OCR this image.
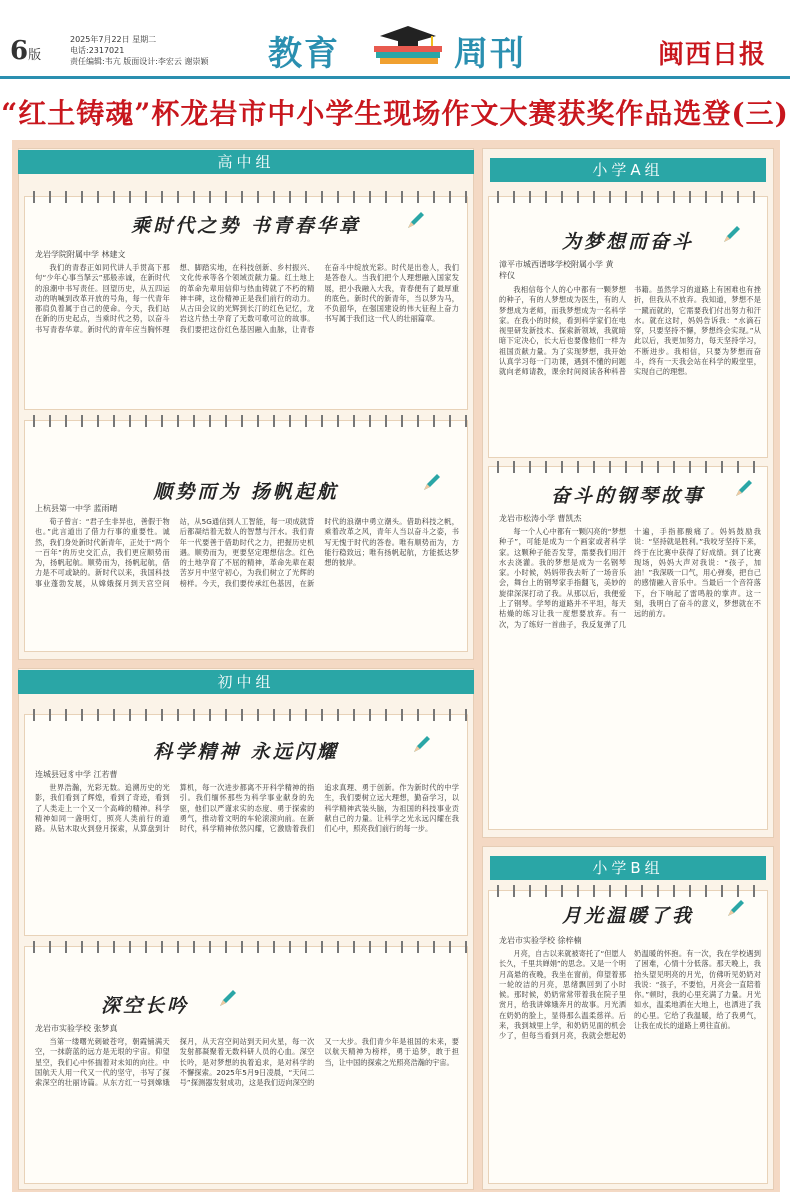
6版
2025年7月22日 星期二
电话:2317021
责任编辑:韦亢 版面设计:李宏云 谢崇颖 教育	周刊	闽西日报
“红土铸魂”杯龙岩市中小学生现场作文大赛获奖作品选登(三)
高中组
乘时代之势 书青春华章
龙岩学院附属中学 林建文

我们的青春正如同代讲人手贯高下那句“少年心事当拏云”那般赤诚，在新时代的浪潮中书写责任。回望历史，从五四运动的呐喊到改革开放的号角，每一代青年都肩负着属于自己的使命。今天，我们站在新的历史起点，当乘时代之势，以奋斗书写青春华章。新时代的青年应当胸怀理想、脚踏实地，在科技创新、乡村振兴、文化传承等各个领域贡献力量。红土地上的革命先辈用信仰与热血铸就了不朽的精神丰碑，这份精神正是我们前行的动力。从古田会议的光辉到长汀的红色记忆，龙岩这片热土孕育了无数可歌可泣的故事。我们要把这份红色基因融入血脉，让青春在奋斗中绽放光彩。时代是出卷人，我们是答卷人。当我们把个人理想融入国家发展，把小我融入大我，青春便有了最厚重的底色。新时代的新青年，当以梦为马，不负韶华，在强国建设的伟大征程上奋力书写属于我们这一代人的壮丽篇章。

顺势而为 扬帆起航
上杭县第一中学 蓝雨晴

荀子曾言：“君子生非异也，善假于物也。”此言道出了借力行事的重要性。诚然，我们身处新时代新青年，正处于“两个一百年”的历史交汇点，我们更应顺势而为，扬帆起航。顺势而为，扬帆起航，借力是不可或缺的。新时代以来，我国科技事业蓬勃发展，从嫦娥探月到天宫空间站，从5G通信到人工智能，每一项成就背后都凝结着无数人的智慧与汗水。我们青年一代要善于借助时代之力，把握历史机遇。顺势而为，更要坚定理想信念。红色的土地孕育了不屈的精神，革命先辈在艰苦岁月中坚守初心，为我们树立了光辉的榜样。今天，我们要传承红色基因，在新时代的浪潮中勇立潮头。借助科技之帆，乘着改革之风，青年人当以奋斗之姿，书写无愧于时代的答卷。唯有顺势而为，方能行稳致远；唯有扬帆起航，方能抵达梦想的彼岸。

初中组
科学精神 永远闪耀
连城县冠豸中学 江若曹

世界浩瀚，光彩无数。追溯历史的光影，我们看到了辉煌，看到了奇迹，看到了人类走上一个又一个高峰的精神。科学精神如同一盏明灯，照亮人类前行的道路。从钻木取火到登月探索，从算盘到计算机，每一次进步都离不开科学精神的指引。我们缅怀那些为科学事业献身的先驱，他们以严谨求实的态度、勇于探索的勇气，推动着文明的车轮滚滚向前。在新时代，科学精神依然闪耀，它激励着我们追求真理、勇于创新。作为新时代的中学生，我们要树立远大理想，勤奋学习，以科学精神武装头脑，为祖国的科技事业贡献自己的力量。让科学之光永远闪耀在我们心中，照亮我们前行的每一步。

深空长吟
龙岩市实验学校 张梦真

当第一缕曙光刺破苍穹，朝霞铺满天空，一抹蔚蓝的远方是无垠的宇宙。仰望星空，我们心中怀揣着对未知的向往。中国航天人用一代又一代的坚守，书写了探索深空的壮丽诗篇。从东方红一号到嫦娥探月，从天宫空间站到天问火星，每一次发射都凝聚着无数科研人员的心血。深空长吟，是对梦想的执着追求，是对科学的不懈探索。2025年5月9日凌晨，“天问二号”探测器发射成功，这是我们迈向深空的又一大步。我们青少年是祖国的未来，要以航天精神为榜样，勇于追梦，敢于担当，让中国的探索之光照亮浩瀚的宇宙。

小学A组
为梦想而奋斗
漳平市城西谱哆学校附属小学 黄梓仪

我相信每个人的心中都有一颗梦想的种子，有的人梦想成为医生，有的人梦想成为老师，而我梦想成为一名科学家。在我小的时候，看到科学家们在电视里研发新技术、探索新领域，我就暗暗下定决心，长大后也要像他们一样为祖国贡献力量。为了实现梦想，我开始认真学习每一门功课，遇到不懂的问题就向老师请教，课余时间阅读各种科普书籍。虽然学习的道路上有困难也有挫折，但我从不放弃。我知道，梦想不是一蹴而就的，它需要我们付出努力和汗水。就在这时，妈妈告诉我：“水滴石穿，只要坚持不懈，梦想终会实现。”从此以后，我更加努力，每天坚持学习，不断进步。我相信，只要为梦想而奋斗，终有一天我会站在科学的殿堂里，实现自己的理想。

奋斗的钢琴故事
龙岩市松涛小学 曹凯杰

每一个人心中都有一颗闪亮的“梦想种子”，可能是成为一个画家或者科学家。这颗种子能否发芽，需要我们用汗水去浇灌。我的梦想是成为一名钢琴家。小时候，妈妈带我去听了一场音乐会，舞台上的钢琴家手指翻飞，美妙的旋律深深打动了我。从那以后，我便爱上了钢琴。学琴的道路并不平坦，每天枯燥的练习让我一度想要放弃。有一次，为了练好一首曲子，我反复弹了几十遍，手指都酸痛了。妈妈鼓励我说：“坚持就是胜利。”我咬牙坚持下来，终于在比赛中获得了好成绩。到了比赛现场，妈妈大声对我说：“孩子，加油！”我深吸一口气，用心弹奏，把自己的感情融入音乐中。当最后一个音符落下，台下响起了雷鸣般的掌声。这一刻，我明白了奋斗的意义，梦想就在不远的前方。

小学B组
月光温暖了我
龙岩市实验学校 徐梓楠

月亮，自古以来就被寄托了“但愿人长久，千里共婵娟”的思念。又是一个明月高悬的夜晚，我坐在窗前，仰望着那一轮皎洁的月亮，思绪飘回到了小时候。那时候，奶奶常常带着我在院子里赏月，给我讲嫦娥奔月的故事。月光洒在奶奶的脸上，显得那么温柔慈祥。后来，我到城里上学，和奶奶见面的机会少了，但每当看到月亮，我就会想起奶奶温暖的怀抱。有一次，我在学校遇到了困难，心情十分低落。那天晚上，我抬头望见明亮的月光，仿佛听见奶奶对我说：“孩子，不要怕，月亮会一直陪着你。”顿时，我的心里充满了力量。月光如水，温柔地洒在大地上，也洒进了我的心里。它给了我温暖，给了我勇气，让我在成长的道路上勇往直前。
